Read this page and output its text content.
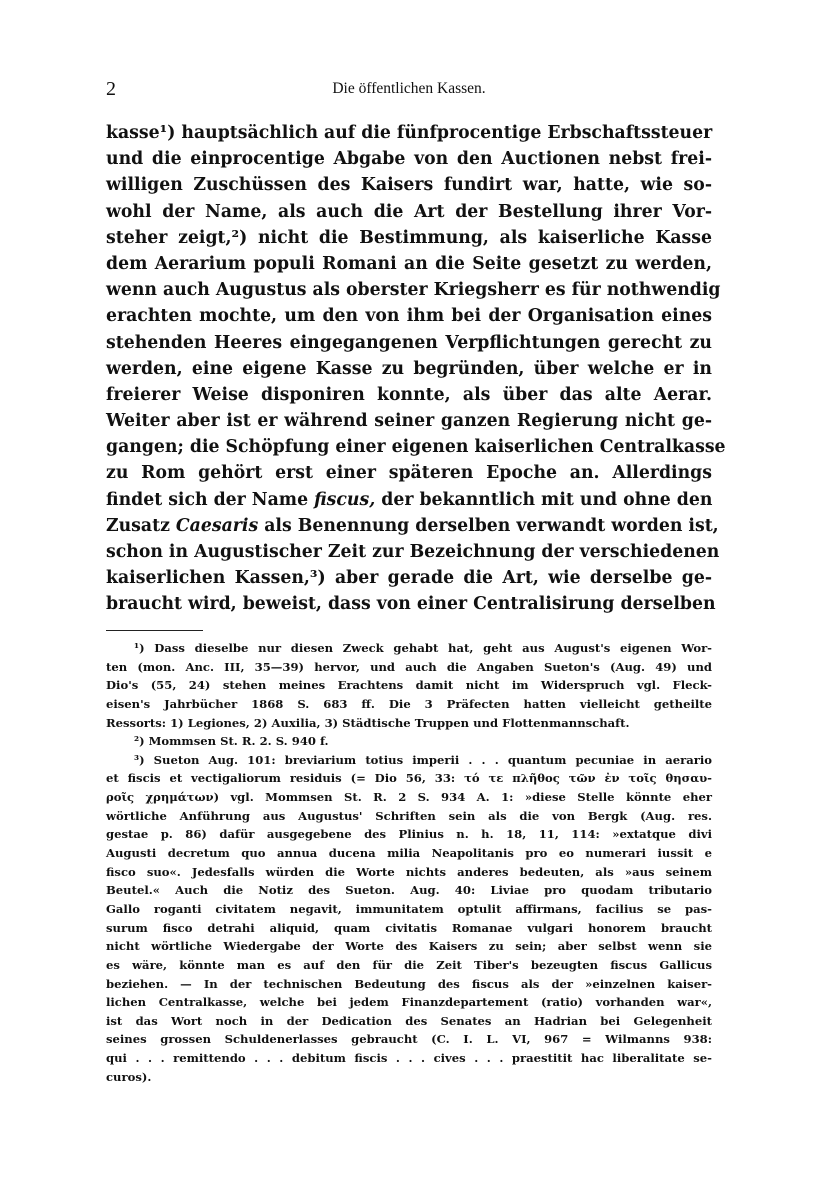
2	Die öffentlichen Kassen.
kasse¹) hauptsächlich auf die fünfprocentige Erbschaftssteuer
und die einprocentige Abgabe von den Auctionen nebst frei-
willigen Zuschüssen des Kaisers fundirt war, hatte, wie so-
wohl der Name, als auch die Art der Bestellung ihrer Vor-
steher zeigt,²) nicht die Bestimmung, als kaiserliche Kasse
dem Aerarium populi Romani an die Seite gesetzt zu werden,
wenn auch Augustus als oberster Kriegsherr es für nothwendig
erachten mochte, um den von ihm bei der Organisation eines
stehenden Heeres eingegangenen Verpflichtungen gerecht zu
werden, eine eigene Kasse zu begründen, über welche er in
freierer Weise disponiren konnte, als über das alte Aerar.
Weiter aber ist er während seiner ganzen Regierung nicht ge-
gangen; die Schöpfung einer eigenen kaiserlichen Centralkasse
zu Rom gehört erst einer späteren Epoche an. Allerdings
findet sich der Name fiscus, der bekanntlich mit und ohne den
Zusatz Caesaris als Benennung derselben verwandt worden ist,
schon in Augustischer Zeit zur Bezeichnung der verschiedenen
kaiserlichen Kassen,³) aber gerade die Art, wie derselbe ge-
braucht wird, beweist, dass von einer Centralisirung derselben
¹) Dass dieselbe nur diesen Zweck gehabt hat, geht aus August's eigenen Wor-
ten (mon. Anc. III, 35—39) hervor, und auch die Angaben Sueton's (Aug. 49) und
Dio's (55, 24) stehen meines Erachtens damit nicht im Widerspruch vgl. Fleck-
eisen's Jahrbücher 1868 S. 683 ff. Die 3 Präfecten hatten vielleicht getheilte
Ressorts: 1) Legiones, 2) Auxilia, 3) Städtische Truppen und Flottenmannschaft.
²) Mommsen St. R. 2. S. 940 f.
³) Sueton Aug. 101: breviarium totius imperii . . . quantum pecuniae in aerario
et fiscis et vectigaliorum residuis (= Dio 56, 33: τό τε πλῆθος τῶν ἐν τοῖς θησαυ-
ροῖς χρημάτων) vgl. Mommsen St. R. 2 S. 934 A. 1: »diese Stelle könnte eher
wörtliche Anführung aus Augustus' Schriften sein als die von Bergk (Aug. res.
gestae p. 86) dafür ausgegebene des Plinius n. h. 18, 11, 114: »extatque divi
Augusti decretum quo annua ducena milia Neapolitanis pro eo numerari iussit e
fisco suo«. Jedesfalls würden die Worte nichts anderes bedeuten, als »aus seinem
Beutel.« Auch die Notiz des Sueton. Aug. 40: Liviae pro quodam tributario
Gallo roganti civitatem negavit, immunitatem optulit affirmans, facilius se pas-
surum fisco detrahi aliquid, quam civitatis Romanae vulgari honorem braucht
nicht wörtliche Wiedergabe der Worte des Kaisers zu sein; aber selbst wenn sie
es wäre, könnte man es auf den für die Zeit Tiber's bezeugten fiscus Gallicus
beziehen. — In der technischen Bedeutung des fiscus als der »einzelnen kaiser-
lichen Centralkasse, welche bei jedem Finanzdepartement (ratio) vorhanden war«,
ist das Wort noch in der Dedication des Senates an Hadrian bei Gelegenheit
seines grossen Schuldenerlasses gebraucht (C. I. L. VI, 967 = Wilmanns 938:
qui . . . remittendo . . . debitum fiscis . . . cives . . . praestitit hac liberalitate se-
curos).
